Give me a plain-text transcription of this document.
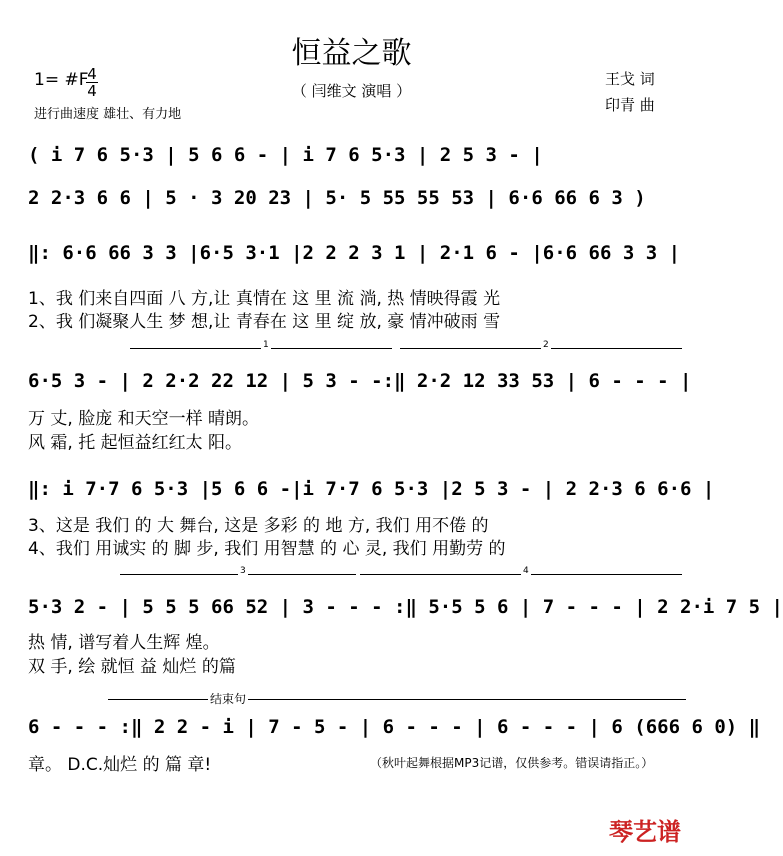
恒益之歌
（ 闫维文 演唱 ）
1= #F
4
4
进行曲速度 雄壮、有力地
王戈 词
印青 曲
( i 7 6 5·3 | 5 6 6 - | i 7 6 5·3 | 2 5 3 - |
2 2·3 6 6 | 5 · 3 20 23 | 5· 5 55 55 53 | 6·6 66 6 3 )
‖: 6·6 66 3 3 |6·5 3·1 |2 2 2 3 1 | 2·1 6 - |6·6 66 3 3 |
1、我 们来自四面 八 方,让 真情在 这 里 流 淌, 热 情映得霞 光
2、我 们凝聚人生 梦 想,让 青春在 这 里 绽 放, 豪 情冲破雨 雪
1	2
6·5 3 - | 2 2·2 22 12 | 5 3 - -:‖ 2·2 12 33 53 | 6 - - - |
万 丈, 脸庞 和天空一样 晴朗。
风 霜, 托 起恒益红红太 阳。
‖: i 7·7 6 5·3 |5 6 6 -|i 7·7 6 5·3 |2 5 3 - | 2 2·3 6 6·6 |
3、这是 我们 的 大 舞台, 这是 多彩 的 地 方, 我们 用不倦 的
4、我们 用诚实 的 脚 步, 我们 用智慧 的 心 灵, 我们 用勤劳 的
3	4
5·3 2 - | 5 5 5 66 52 | 3 - - - :‖ 5·5 5 6 | 7 - - - | 2 2·i 7 5 |
热 情, 谱写着人生辉 煌。
双 手, 绘 就恒 益 灿烂 的篇
结束句
6 - - - :‖ 2 2 - i | 7 - 5 - | 6 - - - | 6 - - - | 6 (666 6 0) ‖
章。 D.C.灿烂 的 篇 章!	（秋叶起舞根据MP3记谱，仅供参考。错误请指正。）
琴艺谱
